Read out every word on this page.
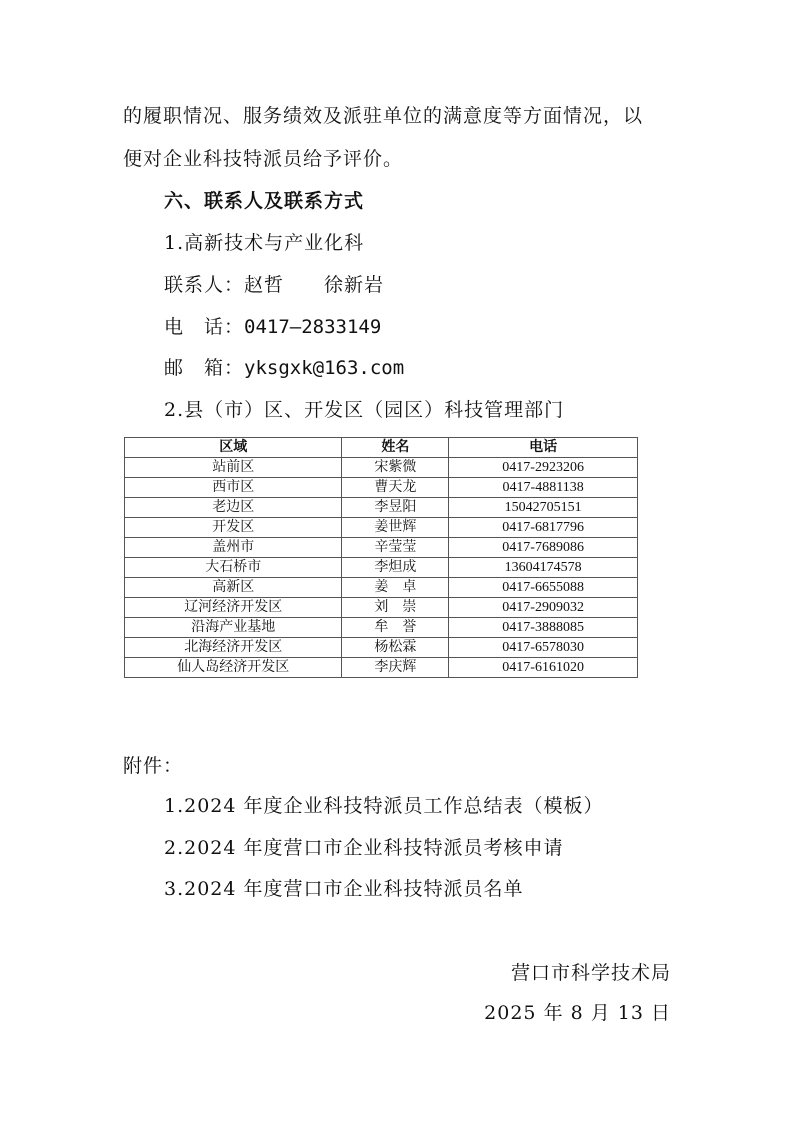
的履职情况、服务绩效及派驻单位的满意度等方面情况，以
便对企业科技特派员给予评价。
六、联系人及联系方式
1.高新技术与产业化科
联系人：赵哲　　徐新岩
电　话：0417—2833149
邮　箱：yksgxk@163.com
2.县（市）区、开发区（园区）科技管理部门
区域	姓名	电话
站前区	宋紫微	0417-2923206
西市区	曹天龙	0417-4881138
老边区	李昱阳	15042705151
开发区	姜世辉	0417-6817796
盖州市	辛莹莹	0417-7689086
大石桥市	李炟成	13604174578
高新区	姜　卓	0417-6655088
辽河经济开发区	刘　崇	0417-2909032
沿海产业基地	牟　誉	0417-3888085
北海经济开发区	杨松霖	0417-6578030
仙人岛经济开发区	李庆辉	0417-6161020
附件：
1.2024 年度企业科技特派员工作总结表（模板）
2.2024 年度营口市企业科技特派员考核申请
3.2024 年度营口市企业科技特派员名单
营口市科学技术局
2025 年 8 月 13 日
